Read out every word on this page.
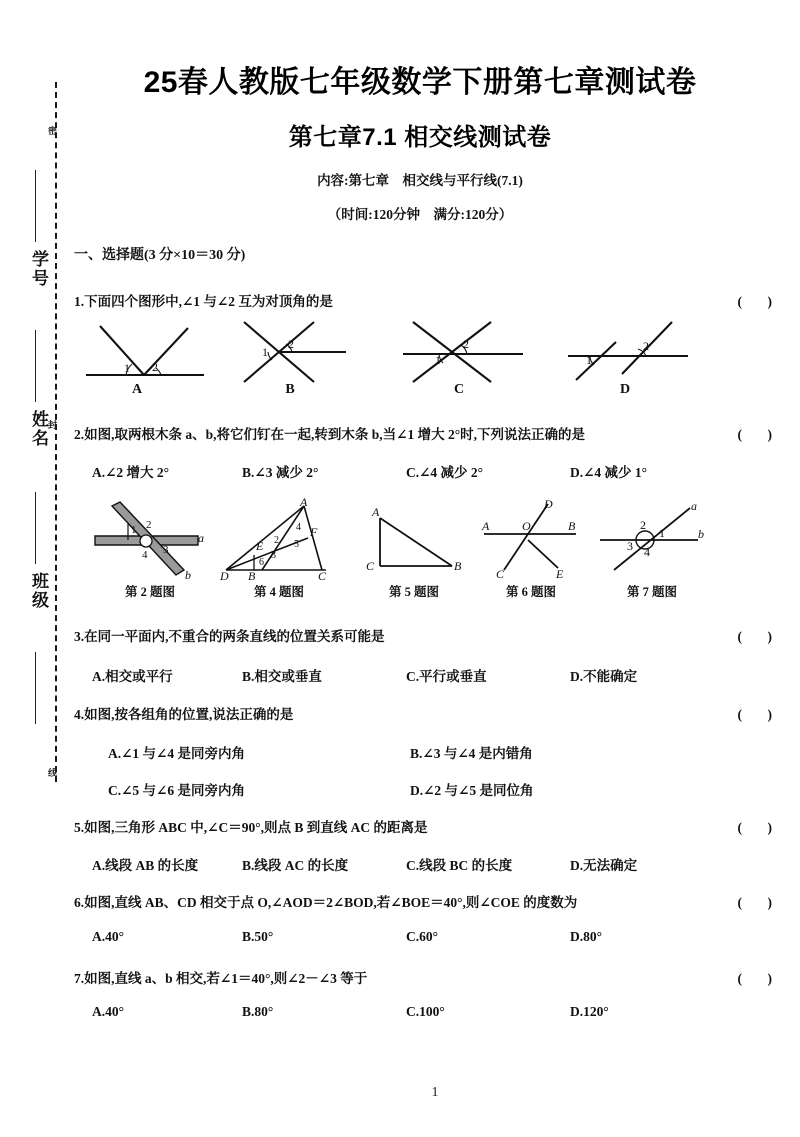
密
封
线
学号
姓名
班级
25春人教版七年级数学下册第七章测试卷
第七章7.1 相交线测试卷
内容:第七章　相交线与平行线(7.1)
（时间:120分钟　满分:120分）
一、选择题(3 分×10＝30 分)
1.下面四个图形中,∠1 与∠2 互为对顶角的是	(　)
1 2
A
1
2
B
1
2
C
1
2
D
2.如图,取两根木条 a、b,将它们钉在一起,转到木条 b,当∠1 增大 2°时,下列说法正确的是	(　)
A.∠2 增大 2°	B.∠3 减少 2°	C.∠4 减少 2°	D.∠4 减少 1°
1 2
3
4
a
b
第 2 题图
A
D B	C
E
F
2
3
4
5
6
第 4 题图
A
C	B
第 5 题图
A	B
D
C	E
O
第 6 题图
2
1
3 4
a
b
第 7 题图
3.在同一平面内,不重合的两条直线的位置关系可能是	(　)
A.相交或平行	B.相交或垂直	C.平行或垂直	D.不能确定
4.如图,按各组角的位置,说法正确的是	(　)
A.∠1 与∠4 是同旁内角	B.∠3 与∠4 是内错角
C.∠5 与∠6 是同旁内角	D.∠2 与∠5 是同位角
5.如图,三角形 ABC 中,∠C＝90°,则点 B 到直线 AC 的距离是	(　)
A.线段 AB 的长度	B.线段 AC 的长度	C.线段 BC 的长度	D.无法确定
6.如图,直线 AB、CD 相交于点 O,∠AOD＝2∠BOD,若∠BOE＝40°,则∠COE 的度数为	(　)
A.40°	B.50°	C.60°	D.80°
7.如图,直线 a、b 相交,若∠1＝40°,则∠2－∠3 等于	(　)
A.40°	B.80°	C.100°	D.120°
1
